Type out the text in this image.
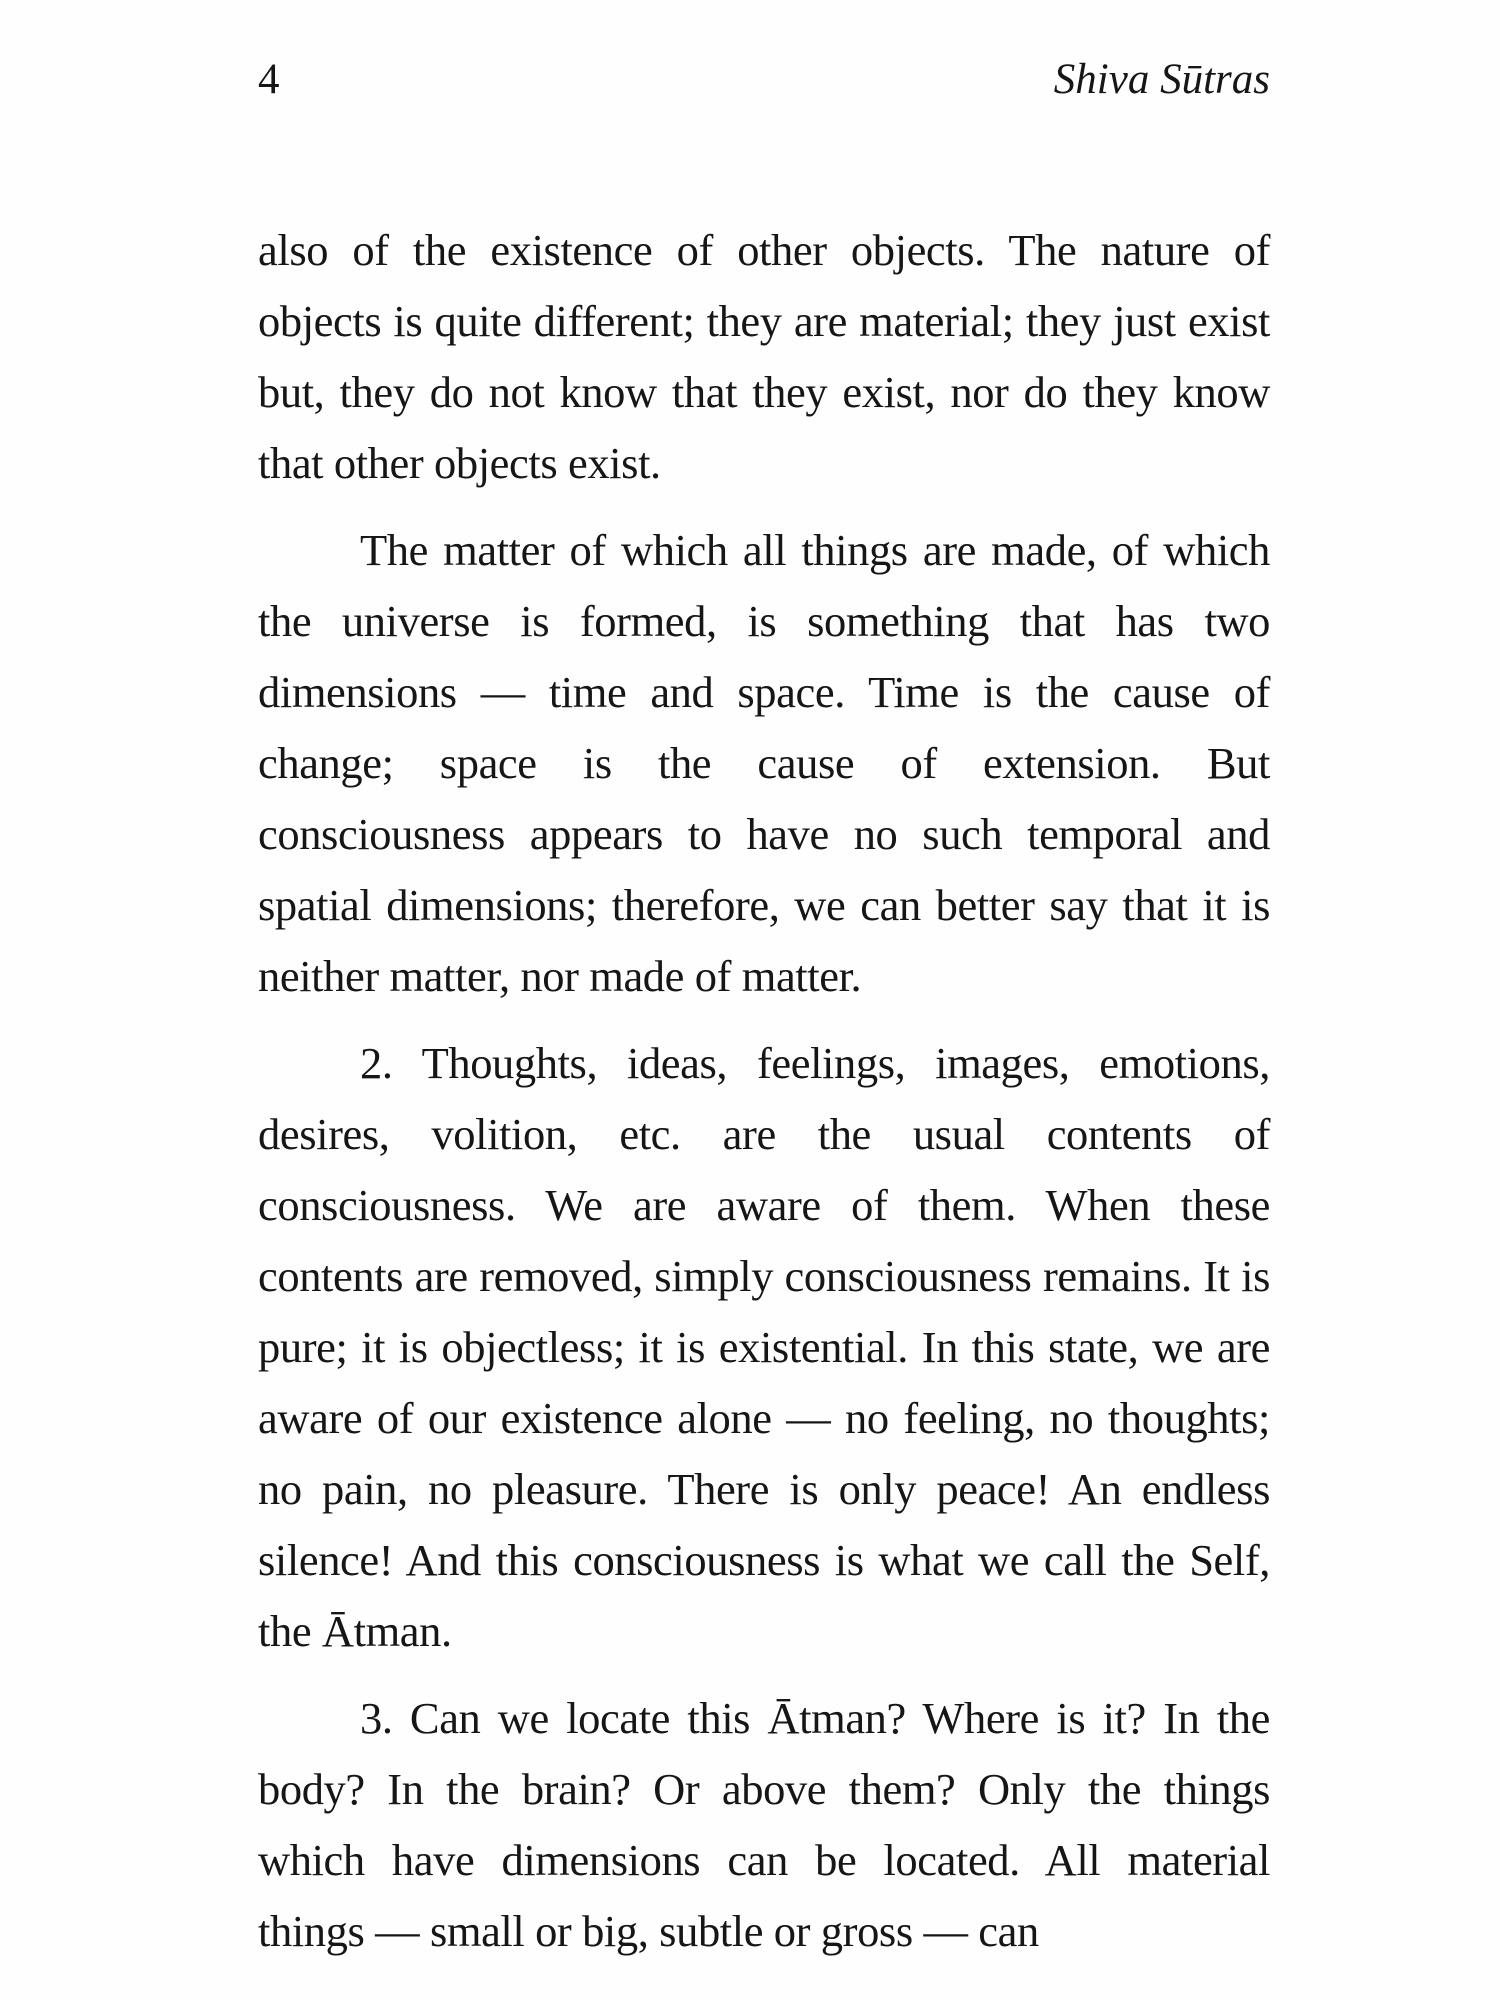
4	Shiva Sūtras

also of the existence of other objects. The nature of objects is quite different; they are material; they just exist but, they do not know that they exist, nor do they know that other objects exist.

The matter of which all things are made, of which the universe is formed, is something that has two dimensions — time and space. Time is the cause of change; space is the cause of extension. But consciousness appears to have no such temporal and spatial dimensions; therefore, we can better say that it is neither matter, nor made of matter.

2. Thoughts, ideas, feelings, images, emotions, desires, volition, etc. are the usual contents of consciousness. We are aware of them. When these contents are removed, simply consciousness remains. It is pure; it is objectless; it is existential. In this state, we are aware of our existence alone — no feeling, no thoughts; no pain, no pleasure. There is only peace! An endless silence! And this consciousness is what we call the Self, the Ātman.

3. Can we locate this Ātman? Where is it? In the body? In the brain? Or above them? Only the things which have dimensions can be located. All material things — small or big, subtle or gross — can
